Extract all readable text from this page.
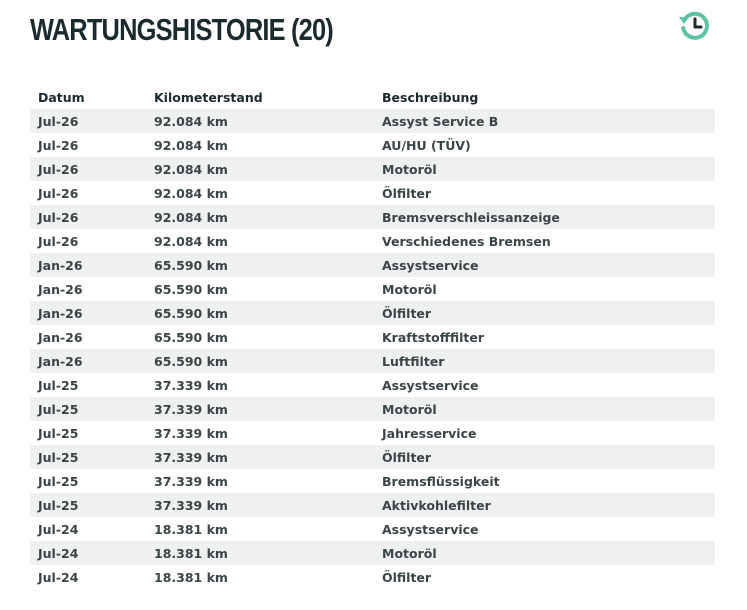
WARTUNGSHISTORIE (20)
Datum	Kilometerstand	Beschreibung
Jul-26	92.084 km	Assyst Service B
Jul-26	92.084 km	AU/HU (TÜV)
Jul-26	92.084 km	Motoröl
Jul-26	92.084 km	Ölfilter
Jul-26	92.084 km	Bremsverschleissanzeige
Jul-26	92.084 km	Verschiedenes Bremsen
Jan-26	65.590 km	Assystservice
Jan-26	65.590 km	Motoröl
Jan-26	65.590 km	Ölfilter
Jan-26	65.590 km	Kraftstofffilter
Jan-26	65.590 km	Luftfilter
Jul-25	37.339 km	Assystservice
Jul-25	37.339 km	Motoröl
Jul-25	37.339 km	Jahresservice
Jul-25	37.339 km	Ölfilter
Jul-25	37.339 km	Bremsflüssigkeit
Jul-25	37.339 km	Aktivkohlefilter
Jul-24	18.381 km	Assystservice
Jul-24	18.381 km	Motoröl
Jul-24	18.381 km	Ölfilter
